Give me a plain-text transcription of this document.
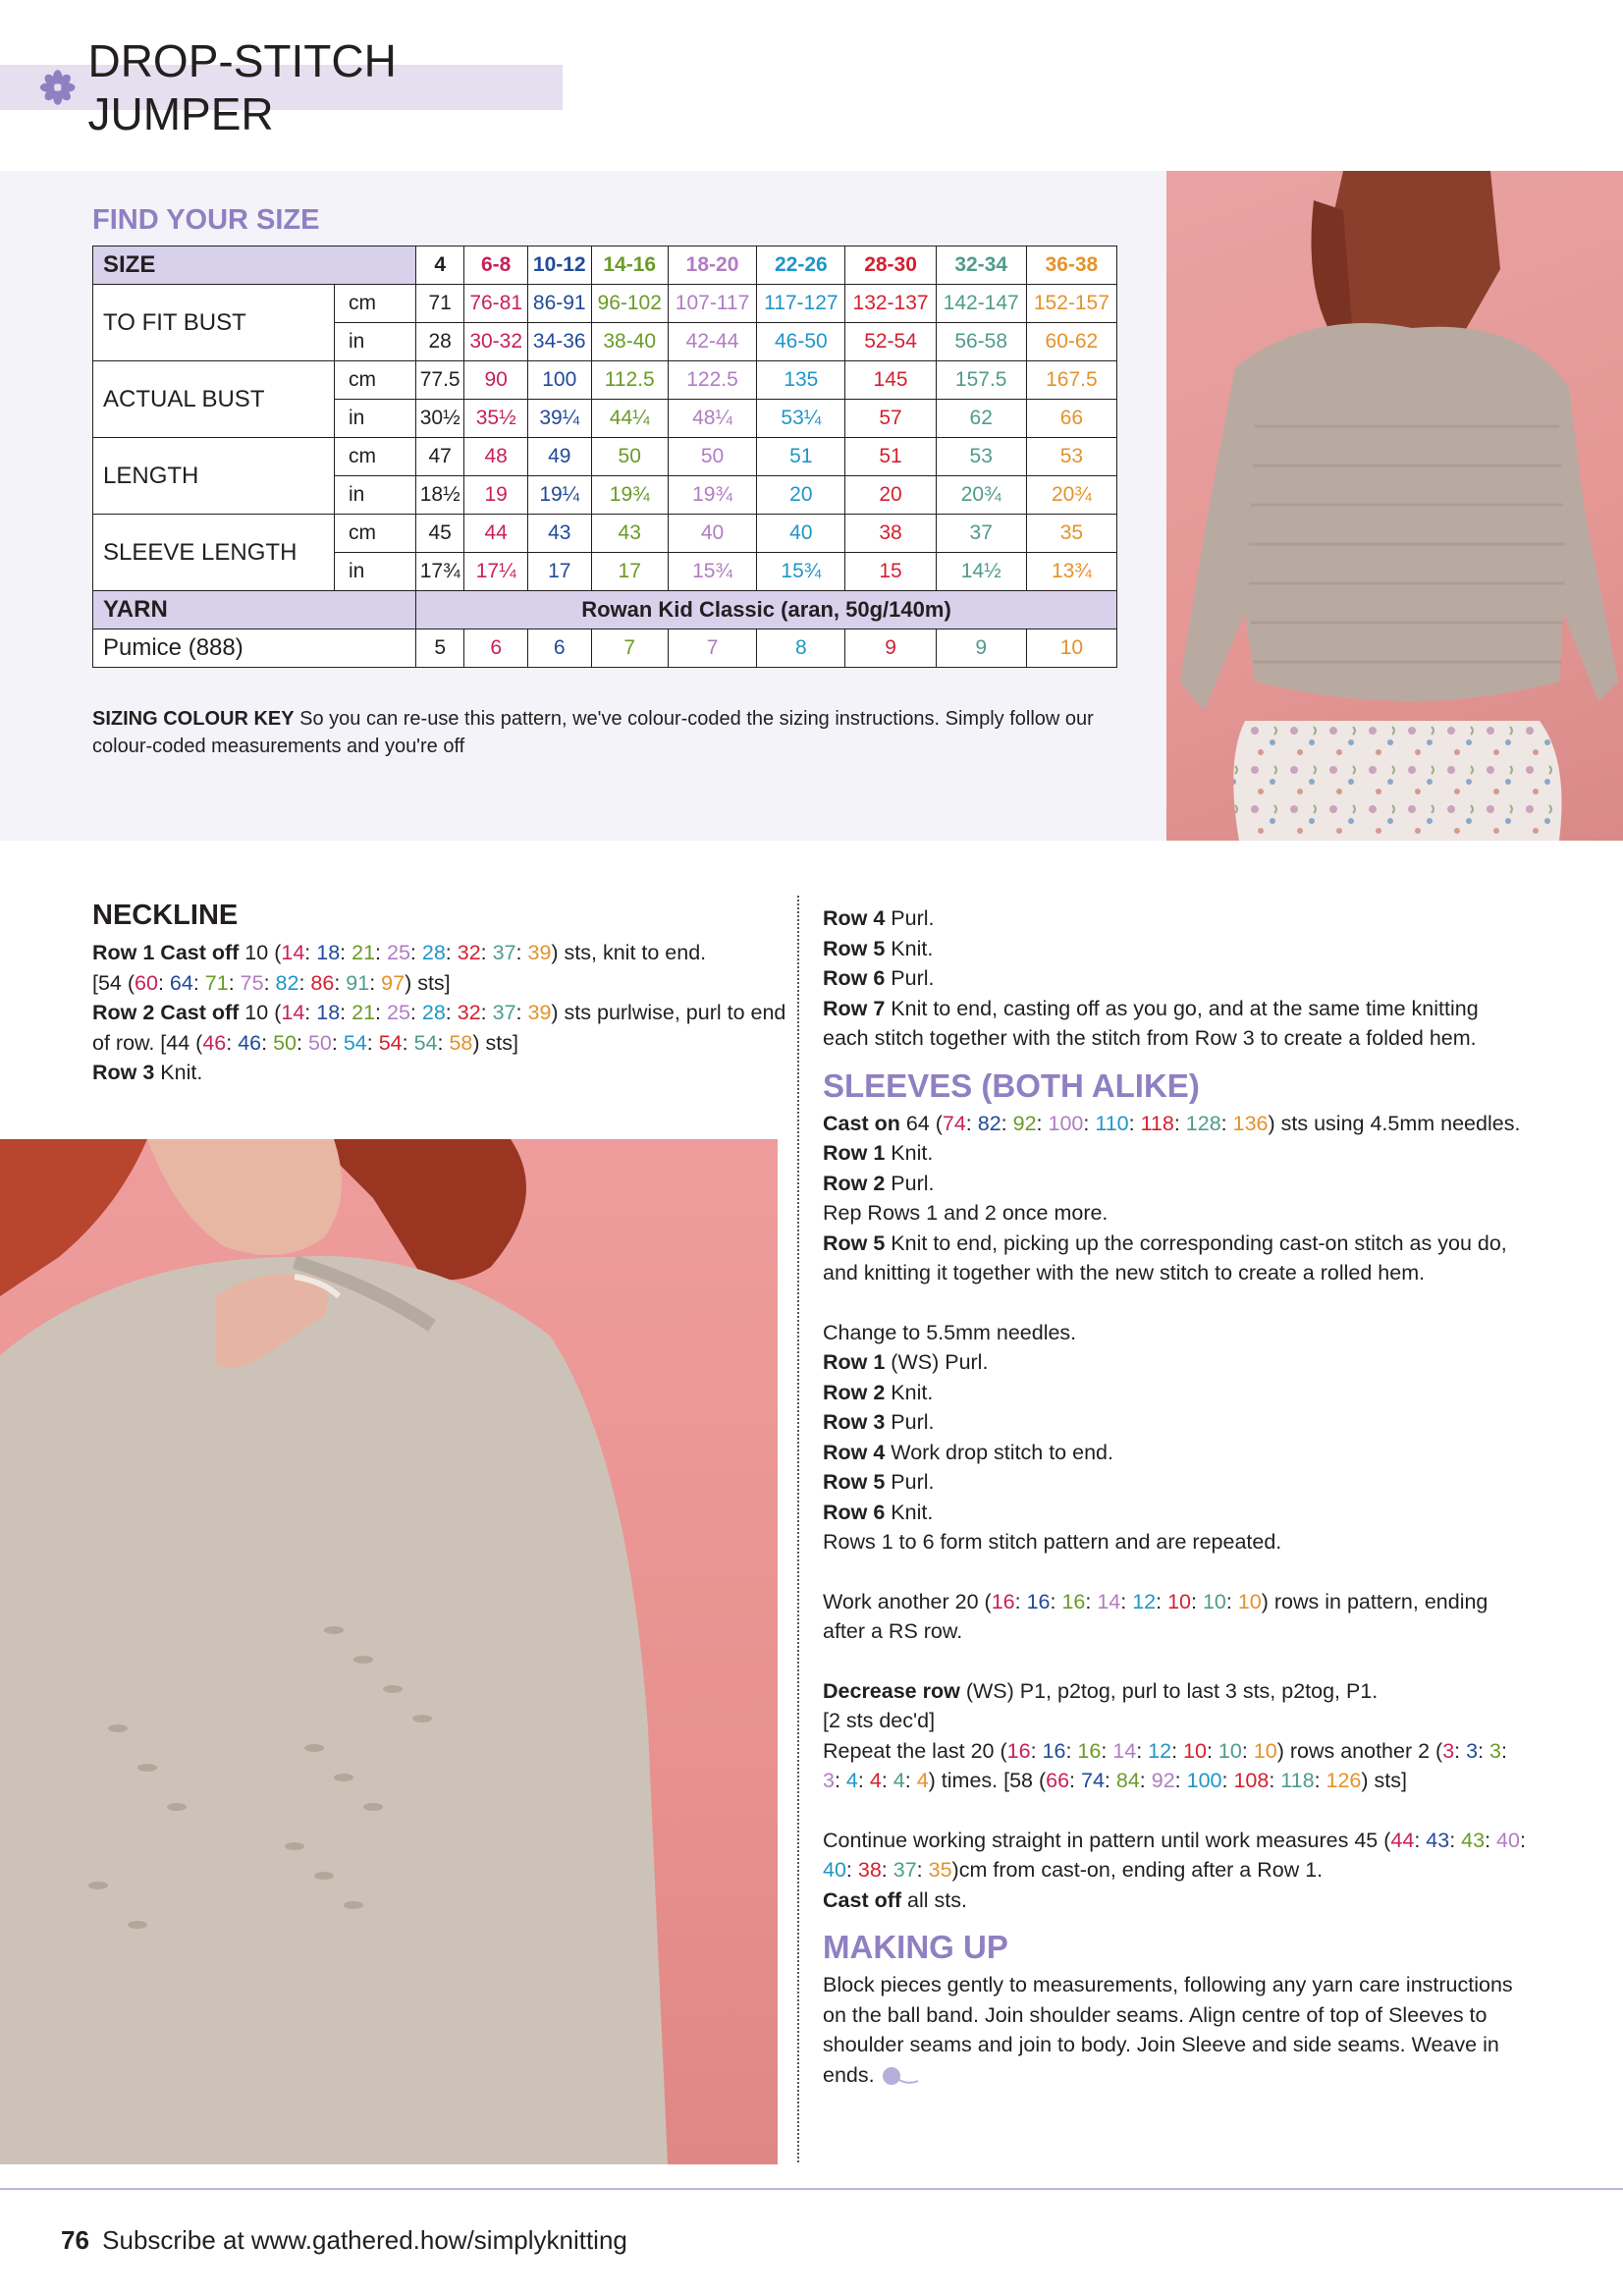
DROP-STITCH JUMPER
FIND YOUR SIZE
SIZE		4	6-8	10-12	14-16	18-20	22-26	28-30	32-34	36-38
TO FIT BUST	cm	71	76-81	86-91	96-102	107-117	117-127	132-137	142-147	152-157
	in	28	30-32	34-36	38-40	42-44	46-50	52-54	56-58	60-62
ACTUAL BUST	cm	77.5	90	100	112.5	122.5	135	145	157.5	167.5
	in	30½	35½	39¼	44¼	48¼	53¼	57	62	66
LENGTH	cm	47	48	49	50	50	51	51	53	53
	in	18½	19	19¼	19¾	19¾	20	20	20¾	20¾
SLEEVE LENGTH	cm	45	44	43	43	40	40	38	37	35
	in	17¾	17¼	17	17	15¾	15¾	15	14½	13¾
YARN		Rowan Kid Classic (aran, 50g/140m)								
Pumice (888)		5	6	6	7	7	8	9	9	10
SIZING COLOUR KEY So you can re-use this pattern, we've colour-coded the sizing instructions. Simply follow our colour-coded measurements and you're off
NECKLINE

Row 1 Cast off 10 (14: 18: 21: 25: 28: 32: 37: 39) sts, knit to end.
[54 (60: 64: 71: 75: 82: 86: 91: 97) sts]

Row 2 Cast off 10 (14: 18: 21: 25: 28: 32: 37: 39) sts purlwise, purl to end of row. [44 (46: 46: 50: 50: 54: 54: 54: 58) sts]

Row 3 Knit.

Row 4 Purl.

Row 5 Knit.

Row 6 Purl.

Row 7 Knit to end, casting off as you go, and at the same time knitting each stitch together with the stitch from Row 3 to create a folded hem.

SLEEVES (BOTH ALIKE)

Cast on 64 (74: 82: 92: 100: 110: 118: 128: 136) sts using 4.5mm needles.

Row 1 Knit.

Row 2 Purl.

Rep Rows 1 and 2 once more.

Row 5 Knit to end, picking up the corresponding cast-on stitch as you do, and knitting it together with the new stitch to create a rolled hem.

Change to 5.5mm needles.

Row 1 (WS) Purl.

Row 2 Knit.

Row 3 Purl.

Row 4 Work drop stitch to end.

Row 5 Purl.

Row 6 Knit.

Rows 1 to 6 form stitch pattern and are repeated.

Work another 20 (16: 16: 16: 14: 12: 10: 10: 10) rows in pattern, ending after a RS row.

Decrease row (WS) P1, p2tog, purl to last 3 sts, p2tog, P1.
[2 sts dec'd]
Repeat the last 20 (16: 16: 16: 14: 12: 10: 10: 10) rows another 2 (3: 3: 3: 3: 4: 4: 4: 4) times. [58 (66: 74: 84: 92: 100: 108: 118: 126) sts]

Continue working straight in pattern until work measures 45 (44: 43: 43: 40: 40: 38: 37: 35)cm from cast-on, ending after a Row 1.

Cast off all sts.

MAKING UP

Block pieces gently to measurements, following any yarn care instructions on the ball band. Join shoulder seams. Align centre of top of Sleeves to shoulder seams and join to body. Join Sleeve and side seams. Weave in ends.

76 Subscribe at www.gathered.how/simplyknitting
